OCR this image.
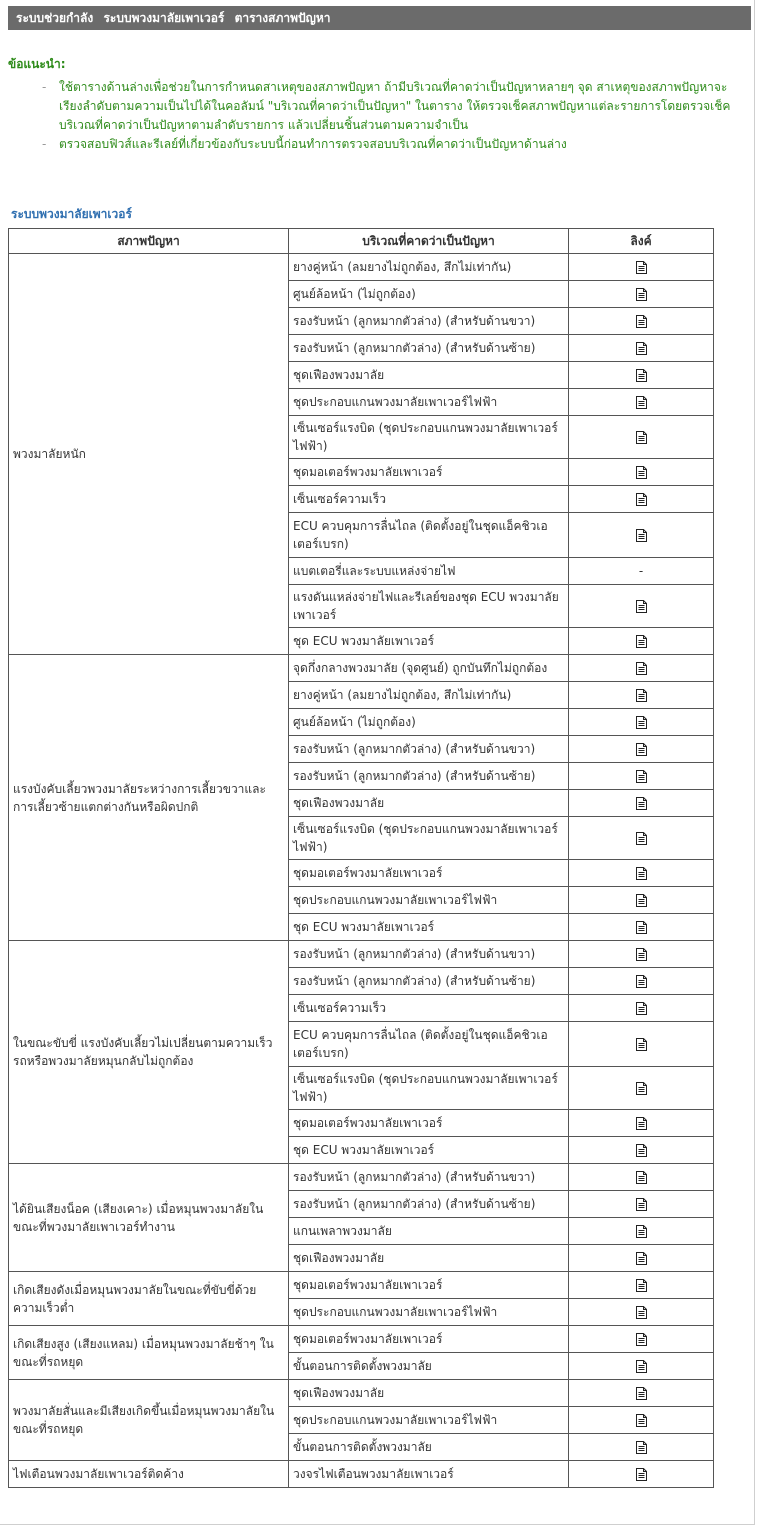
ระบบช่วยกำลัง ระบบพวงมาลัยเพาเวอร์ ตารางสภาพปัญหา
ข้อแนะนำ:
- ใช้ตารางด้านล่างเพื่อช่วยในการกำหนดสาเหตุของสภาพปัญหา ถ้ามีบริเวณที่คาดว่าเป็นปัญหาหลายๆ จุด สาเหตุของสภาพปัญหาจะเรียงลำดับตามความเป็นไปได้ในคอลัมน์ "บริเวณที่คาดว่าเป็นปัญหา" ในตาราง ให้ตรวจเช็คสภาพปัญหาแต่ละรายการโดยตรวจเช็คบริเวณที่คาดว่าเป็นปัญหาตามลำดับรายการ แล้วเปลี่ยนชิ้นส่วนตามความจำเป็น
- ตรวจสอบฟิวส์และรีเลย์ที่เกี่ยวข้องกับระบบนี้ก่อนทำการตรวจสอบบริเวณที่คาดว่าเป็นปัญหาด้านล่าง
ระบบพวงมาลัยเพาเวอร์
สภาพปัญหา	บริเวณที่คาดว่าเป็นปัญหา	ลิงค์
พวงมาลัยหนัก	ยางคู่หน้า (ลมยางไม่ถูกต้อง, สึกไม่เท่ากัน)	
	ศูนย์ล้อหน้า (ไม่ถูกต้อง)	
	รองรับหน้า (ลูกหมากตัวล่าง) (สำหรับด้านขวา)	
	รองรับหน้า (ลูกหมากตัวล่าง) (สำหรับด้านซ้าย)	
	ชุดเฟืองพวงมาลัย	
	ชุดประกอบแกนพวงมาลัยเพาเวอร์ไฟฟ้า	
	เซ็นเซอร์แรงบิด (ชุดประกอบแกนพวงมาลัยเพาเวอร์ไฟฟ้า)	
	ชุดมอเตอร์พวงมาลัยเพาเวอร์	
	เซ็นเซอร์ความเร็ว	
	ECU ควบคุมการลื่นไถล (ติดตั้งอยู่ในชุดแอ็คชิวเอเตอร์เบรก)	
	แบตเตอรี่และระบบแหล่งจ่ายไฟ	-
	แรงดันแหล่งจ่ายไฟและรีเลย์ของชุด ECU พวงมาลัยเพาเวอร์	
	ชุด ECU พวงมาลัยเพาเวอร์	
แรงบังคับเลี้ยวพวงมาลัยระหว่างการเลี้ยวขวาและการเลี้ยวซ้ายแตกต่างกันหรือผิดปกติ	จุดกึ่งกลางพวงมาลัย (จุดศูนย์) ถูกบันทึกไม่ถูกต้อง	
	ยางคู่หน้า (ลมยางไม่ถูกต้อง, สึกไม่เท่ากัน)	
	ศูนย์ล้อหน้า (ไม่ถูกต้อง)	
	รองรับหน้า (ลูกหมากตัวล่าง) (สำหรับด้านขวา)	
	รองรับหน้า (ลูกหมากตัวล่าง) (สำหรับด้านซ้าย)	
	ชุดเฟืองพวงมาลัย	
	เซ็นเซอร์แรงบิด (ชุดประกอบแกนพวงมาลัยเพาเวอร์ไฟฟ้า)	
	ชุดมอเตอร์พวงมาลัยเพาเวอร์	
	ชุดประกอบแกนพวงมาลัยเพาเวอร์ไฟฟ้า	
	ชุด ECU พวงมาลัยเพาเวอร์	
ในขณะขับขี่ แรงบังคับเลี้ยวไม่เปลี่ยนตามความเร็วรถหรือพวงมาลัยหมุนกลับไม่ถูกต้อง	รองรับหน้า (ลูกหมากตัวล่าง) (สำหรับด้านขวา)	
	รองรับหน้า (ลูกหมากตัวล่าง) (สำหรับด้านซ้าย)	
	เซ็นเซอร์ความเร็ว	
	ECU ควบคุมการลื่นไถล (ติดตั้งอยู่ในชุดแอ็คชิวเอเตอร์เบรก)	
	เซ็นเซอร์แรงบิด (ชุดประกอบแกนพวงมาลัยเพาเวอร์ไฟฟ้า)	
	ชุดมอเตอร์พวงมาลัยเพาเวอร์	
	ชุด ECU พวงมาลัยเพาเวอร์	
ได้ยินเสียงน็อค (เสียงเคาะ) เมื่อหมุนพวงมาลัยในขณะที่พวงมาลัยเพาเวอร์ทำงาน	รองรับหน้า (ลูกหมากตัวล่าง) (สำหรับด้านขวา)	
	รองรับหน้า (ลูกหมากตัวล่าง) (สำหรับด้านซ้าย)	
	แกนเพลาพวงมาลัย	
	ชุดเฟืองพวงมาลัย	
เกิดเสียงดังเมื่อหมุนพวงมาลัยในขณะที่ขับขี่ด้วยความเร็วต่ำ	ชุดมอเตอร์พวงมาลัยเพาเวอร์	
	ชุดประกอบแกนพวงมาลัยเพาเวอร์ไฟฟ้า	
เกิดเสียงสูง (เสียงแหลม) เมื่อหมุนพวงมาลัยช้าๆ ในขณะที่รถหยุด	ชุดมอเตอร์พวงมาลัยเพาเวอร์	
	ขั้นตอนการติดตั้งพวงมาลัย	
พวงมาลัยสั่นและมีเสียงเกิดขึ้นเมื่อหมุนพวงมาลัยในขณะที่รถหยุด	ชุดเฟืองพวงมาลัย	
	ชุดประกอบแกนพวงมาลัยเพาเวอร์ไฟฟ้า	
	ขั้นตอนการติดตั้งพวงมาลัย	
ไฟเตือนพวงมาลัยเพาเวอร์ติดค้าง	วงจรไฟเตือนพวงมาลัยเพาเวอร์	
